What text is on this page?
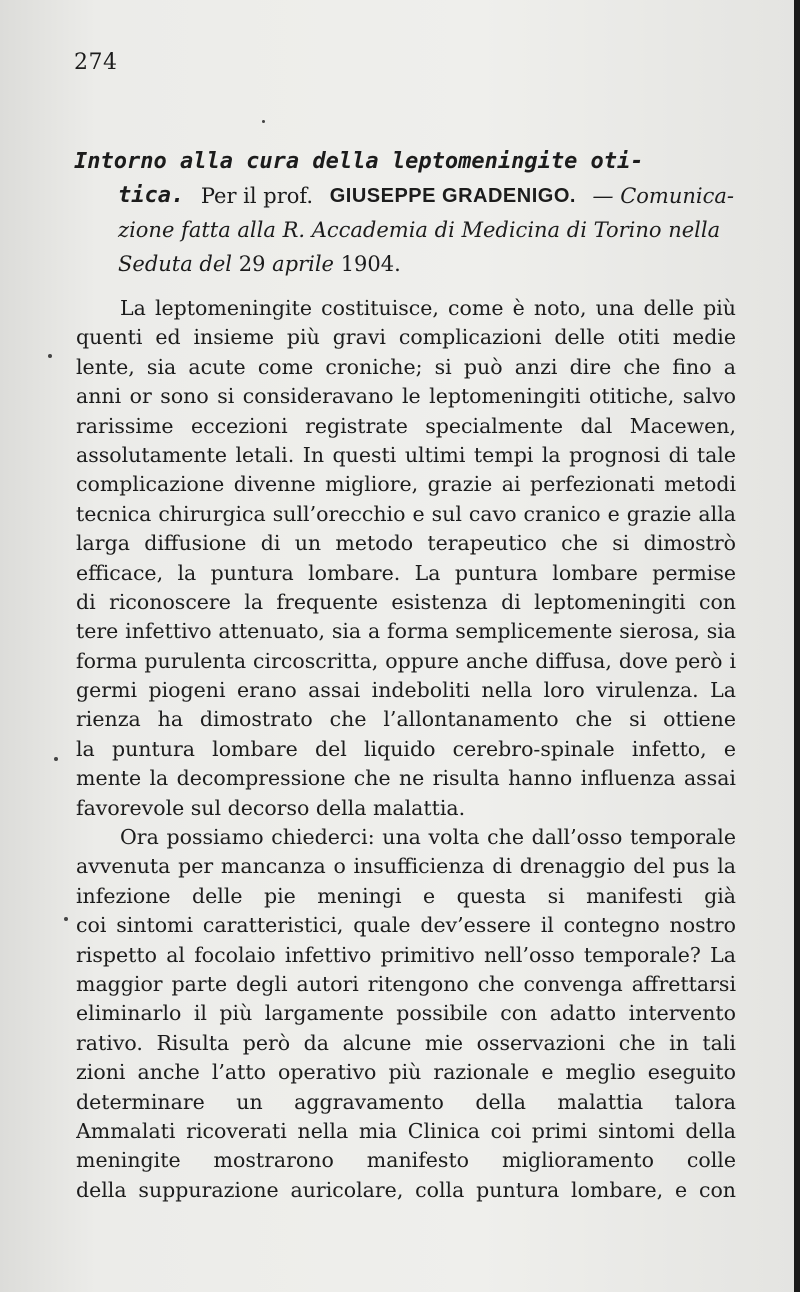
274
Intorno alla cura della leptomeningite oti-
tica. Per il prof. GIUSEPPE GRADENIGO. — Comunica-
zione fatta alla R. Accademia di Medicina di Torino nella
Seduta del 29 aprile 1904.
La leptomeningite costituisce, come è noto, una delle più
quenti ed insieme più gravi complicazioni delle otiti medie
lente, sia acute come croniche; si può anzi dire che fino a
anni or sono si consideravano le leptomeningiti otitiche, salvo
rarissime eccezioni registrate specialmente dal Macewen,
assolutamente letali. In questi ultimi tempi la prognosi di tale
complicazione divenne migliore, grazie ai perfezionati metodi
tecnica chirurgica sull’orecchio e sul cavo cranico e grazie alla
larga diffusione di un metodo terapeutico che si dimostrò
efficace, la puntura lombare. La puntura lombare permise
di riconoscere la frequente esistenza di leptomeningiti con
tere infettivo attenuato, sia a forma semplicemente sierosa, sia
forma purulenta circoscritta, oppure anche diffusa, dove però i
germi piogeni erano assai indeboliti nella loro virulenza. La
rienza ha dimostrato che l’allontanamento che si ottiene
la puntura lombare del liquido cerebro-spinale infetto, e
mente la decompressione che ne risulta hanno influenza assai
favorevole sul decorso della malattia.
Ora possiamo chiederci: una volta che dall’osso temporale
avvenuta per mancanza o insufficienza di drenaggio del pus la
infezione delle pie meningi e questa si manifesti già
coi sintomi caratteristici, quale dev’essere il contegno nostro
rispetto al focolaio infettivo primitivo nell’osso temporale? La
maggior parte degli autori ritengono che convenga affrettarsi
eliminarlo il più largamente possibile con adatto intervento
rativo. Risulta però da alcune mie osservazioni che in tali
zioni anche l’atto operativo più razionale e meglio eseguito
determinare un aggravamento della malattia talora
Ammalati ricoverati nella mia Clinica coi primi sintomi della
meningite mostrarono manifesto miglioramento colle
della suppurazione auricolare, colla puntura lombare, e con
